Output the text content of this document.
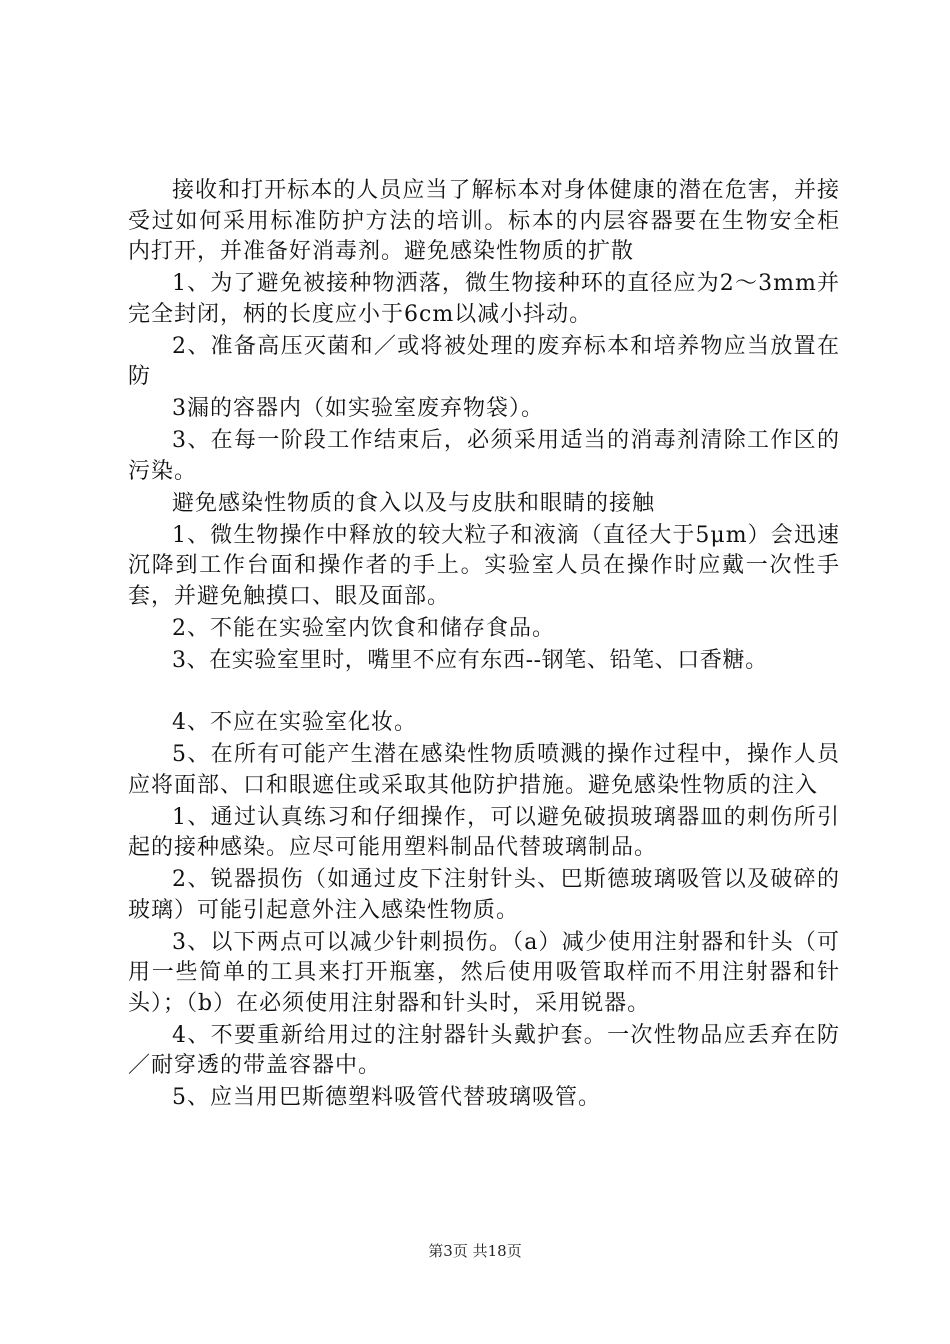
接收和打开标本的人员应当了解标本对身体健康的潜在危害，并接受过如何采用标准防护方法的培训。标本的内层容器要在生物安全柜内打开，并准备好消毒剂。避免感染性物质的扩散

1、为了避免被接种物洒落，微生物接种环的直径应为2～3mm并完全封闭，柄的长度应小于6cm以减小抖动。

2、准备高压灭菌和／或将被处理的废弃标本和培养物应当放置在防

3漏的容器内（如实验室废弃物袋）。

3、在每一阶段工作结束后，必须采用适当的消毒剂清除工作区的污染。

避免感染性物质的食入以及与皮肤和眼睛的接触

1、微生物操作中释放的较大粒子和液滴（直径大于5μm）会迅速沉降到工作台面和操作者的手上。实验室人员在操作时应戴一次性手套，并避免触摸口、眼及面部。

2、不能在实验室内饮食和储存食品。

3、在实验室里时，嘴里不应有东西--钢笔、铅笔、口香糖。

4、不应在实验室化妆。

5、在所有可能产生潜在感染性物质喷溅的操作过程中，操作人员应将面部、口和眼遮住或采取其他防护措施。避免感染性物质的注入

1、通过认真练习和仔细操作，可以避免破损玻璃器皿的刺伤所引起的接种感染。应尽可能用塑料制品代替玻璃制品。

2、锐器损伤（如通过皮下注射针头、巴斯德玻璃吸管以及破碎的玻璃）可能引起意外注入感染性物质。

3、以下两点可以减少针刺损伤。（a）减少使用注射器和针头（可用一些简单的工具来打开瓶塞，然后使用吸管取样而不用注射器和针头）；（b）在必须使用注射器和针头时，采用锐器。

4、不要重新给用过的注射器针头戴护套。一次性物品应丢弃在防／耐穿透的带盖容器中。

5、应当用巴斯德塑料吸管代替玻璃吸管。

第3页 共18页
